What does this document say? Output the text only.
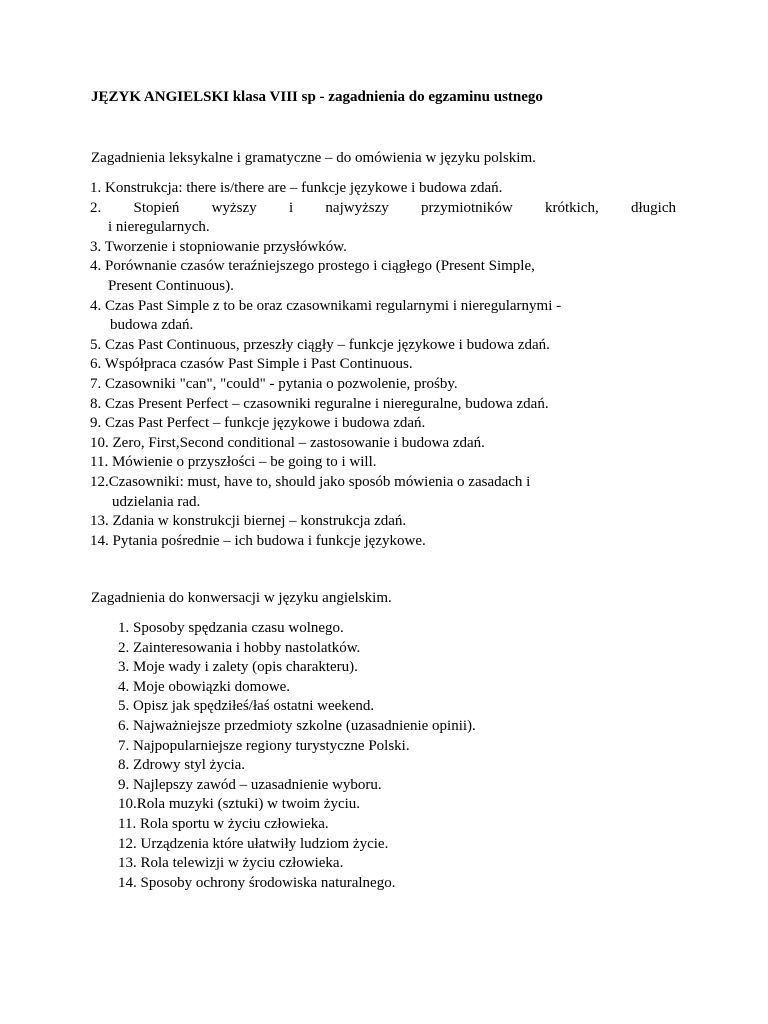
JĘZYK ANGIELSKI klasa VIII sp - zagadnienia do egzaminu ustnego
Zagadnienia leksykalne i gramatyczne – do omówienia w języku polskim.
1. Konstrukcja: there is/there are – funkcje językowe i budowa zdań.
2. Stopień wyższy i najwyższy przymiotników krótkich, długich
i nieregularnych.
3. Tworzenie i stopniowanie przysłówków.
4. Porównanie czasów teraźniejszego prostego i ciągłego (Present Simple,
Present Continuous).
4. Czas Past Simple z to be oraz czasownikami regularnymi i nieregularnymi -
budowa zdań.
5. Czas Past Continuous, przeszły ciągły – funkcje językowe i budowa zdań.
6. Współpraca czasów Past Simple i Past Continuous.
7. Czasowniki "can", "could" - pytania o pozwolenie, prośby.
8. Czas Present Perfect – czasowniki reguralne i niereguralne, budowa zdań.
9. Czas Past Perfect – funkcje językowe i budowa zdań.
10. Zero, First,Second conditional – zastosowanie i budowa zdań.
11. Mówienie o przyszłości – be going to i will.
12.Czasowniki: must, have to, should jako sposób mówienia o zasadach i
udzielania rad.
13. Zdania w konstrukcji biernej – konstrukcja zdań.
14. Pytania pośrednie – ich budowa i funkcje językowe.
Zagadnienia do konwersacji w języku angielskim.
1. Sposoby spędzania czasu wolnego.
2. Zainteresowania i hobby nastolatków.
3. Moje wady i zalety (opis charakteru).
4. Moje obowiązki domowe.
5. Opisz jak spędziłeś/łaś ostatni weekend.
6. Najważniejsze przedmioty szkolne (uzasadnienie opinii).
7. Najpopularniejsze regiony turystyczne Polski.
8. Zdrowy styl życia.
9. Najlepszy zawód – uzasadnienie wyboru.
10.Rola muzyki (sztuki) w twoim życiu.
11. Rola sportu w życiu człowieka.
12. Urządzenia które ułatwiły ludziom życie.
13. Rola telewizji w życiu człowieka.
14. Sposoby ochrony środowiska naturalnego.
